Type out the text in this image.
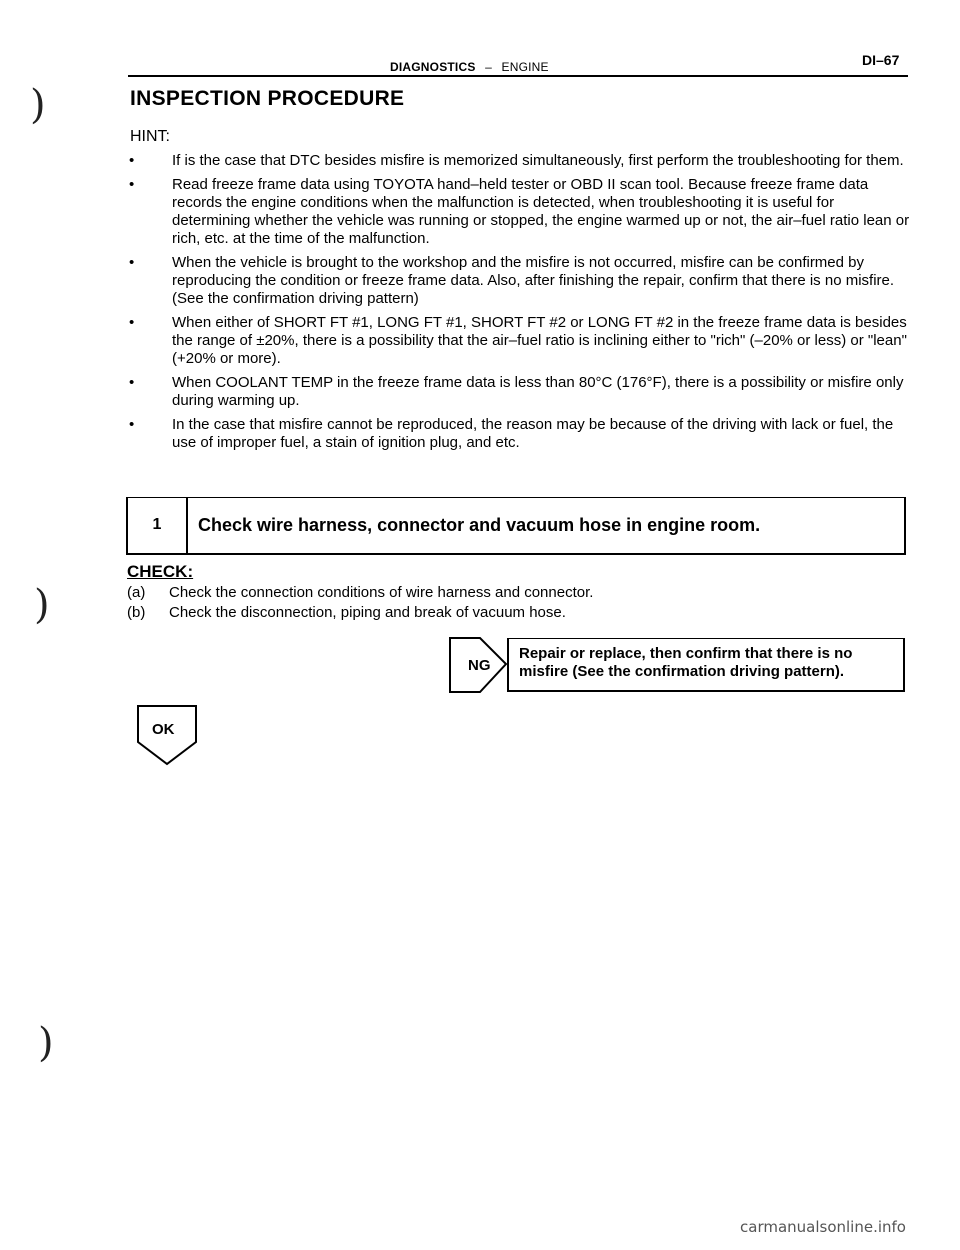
DIAGNOSTICS – ENGINE	DI–67
INSPECTION PROCEDURE
HINT:
•	If is the case that DTC besides misfire is memorized simultaneously, first perform the troubleshooting for them.
•	Read freeze frame data using TOYOTA hand–held tester or OBD II scan tool. Because freeze frame data records the engine conditions when the malfunction is detected, when troubleshooting it is useful for determining whether the vehicle was running or stopped, the engine warmed up or not, the air–fuel ratio lean or rich, etc. at the time of the malfunction.
•	When the vehicle is brought to the workshop and the misfire is not occurred, misfire can be confirmed by reproducing the condition or freeze frame data. Also, after finishing the repair, confirm that there is no misfire. (See the confirmation driving pattern)
•	When either of SHORT FT #1, LONG FT #1, SHORT FT #2 or LONG FT #2 in the freeze frame data is besides the range of ±20%, there is a possibility that the air–fuel ratio is inclining either to "rich" (–20% or less) or "lean" (+20% or more).
•	When COOLANT TEMP in the freeze frame data is less than 80°C (176°F), there is a possibility or misfire only during warming up.
•	In the case that misfire cannot be reproduced, the reason may be because of the driving with lack or fuel, the use of improper fuel, a stain of ignition plug, and etc.
1	Check wire harness, connector and vacuum hose in engine room.
CHECK:
(a)	Check the connection conditions of wire harness and connector.
(b)	Check the disconnection, piping and break of vacuum hose.
NG
Repair or replace, then confirm that there is no
misfire (See the confirmation driving pattern).
OK
)
)
)
carmanualsonline.info
